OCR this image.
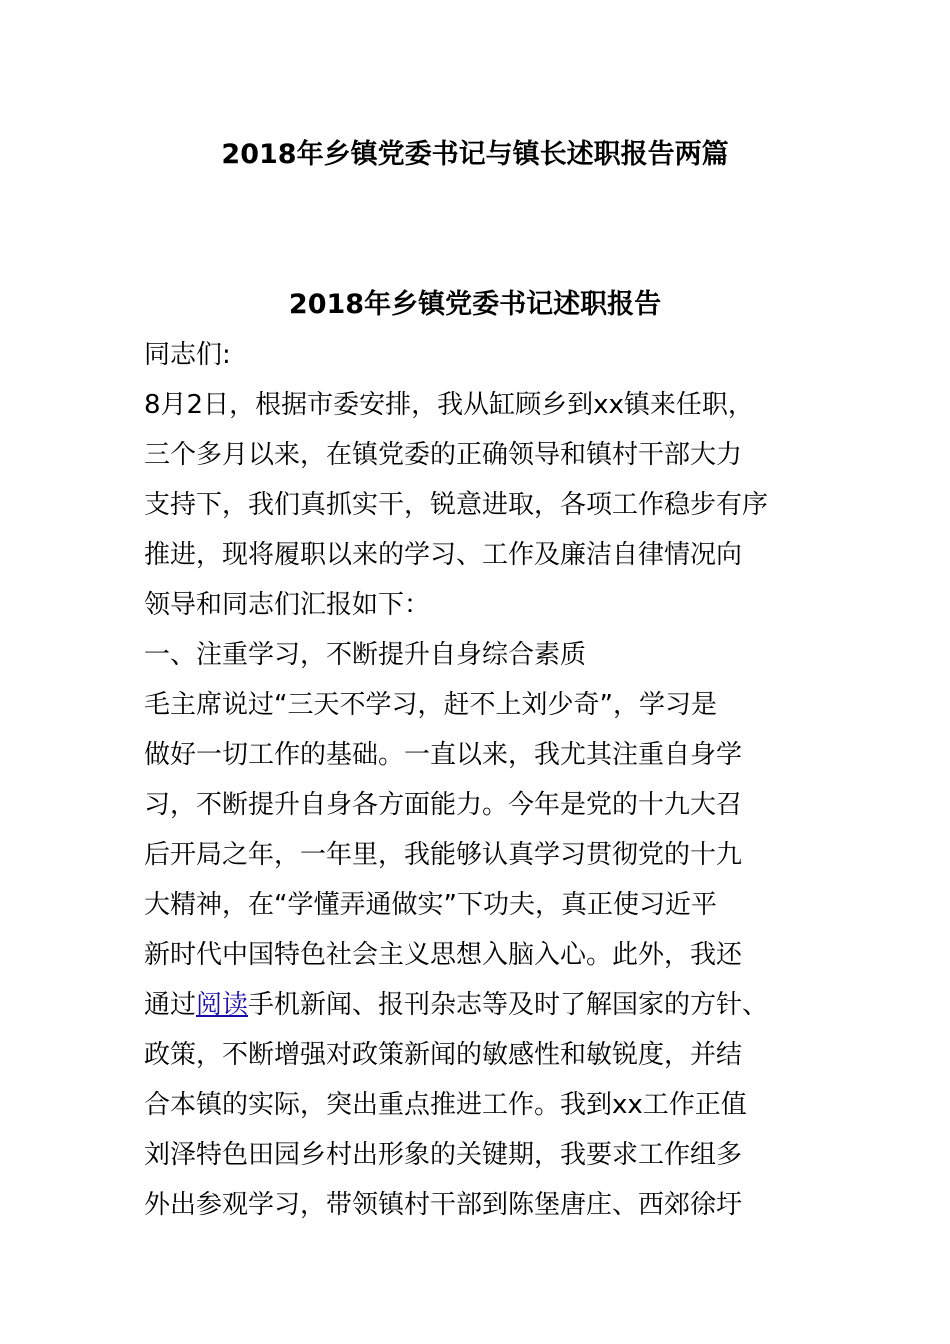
2018年乡镇党委书记与镇长述职报告两篇
2018年乡镇党委书记述职报告
同志们:
8月2日，根据市委安排，我从缸顾乡到xx镇来任职，
三个多月以来，在镇党委的正确领导和镇村干部大力
支持下，我们真抓实干，锐意进取，各项工作稳步有序
推进，现将履职以来的学习、工作及廉洁自律情况向
领导和同志们汇报如下：
一、注重学习，不断提升自身综合素质
毛主席说过“三天不学习，赶不上刘少奇”，学习是
做好一切工作的基础。一直以来，我尤其注重自身学
习，不断提升自身各方面能力。今年是党的十九大召
后开局之年，一年里，我能够认真学习贯彻党的十九
大精神，在“学懂弄通做实”下功夫，真正使习近平
新时代中国特色社会主义思想入脑入心。此外，我还
通过阅读手机新闻、报刊杂志等及时了解国家的方针、
政策，不断增强对政策新闻的敏感性和敏锐度，并结
合本镇的实际，突出重点推进工作。我到xx工作正值
刘泽特色田园乡村出形象的关键期，我要求工作组多
外出参观学习，带领镇村干部到陈堡唐庄、西郊徐圩
